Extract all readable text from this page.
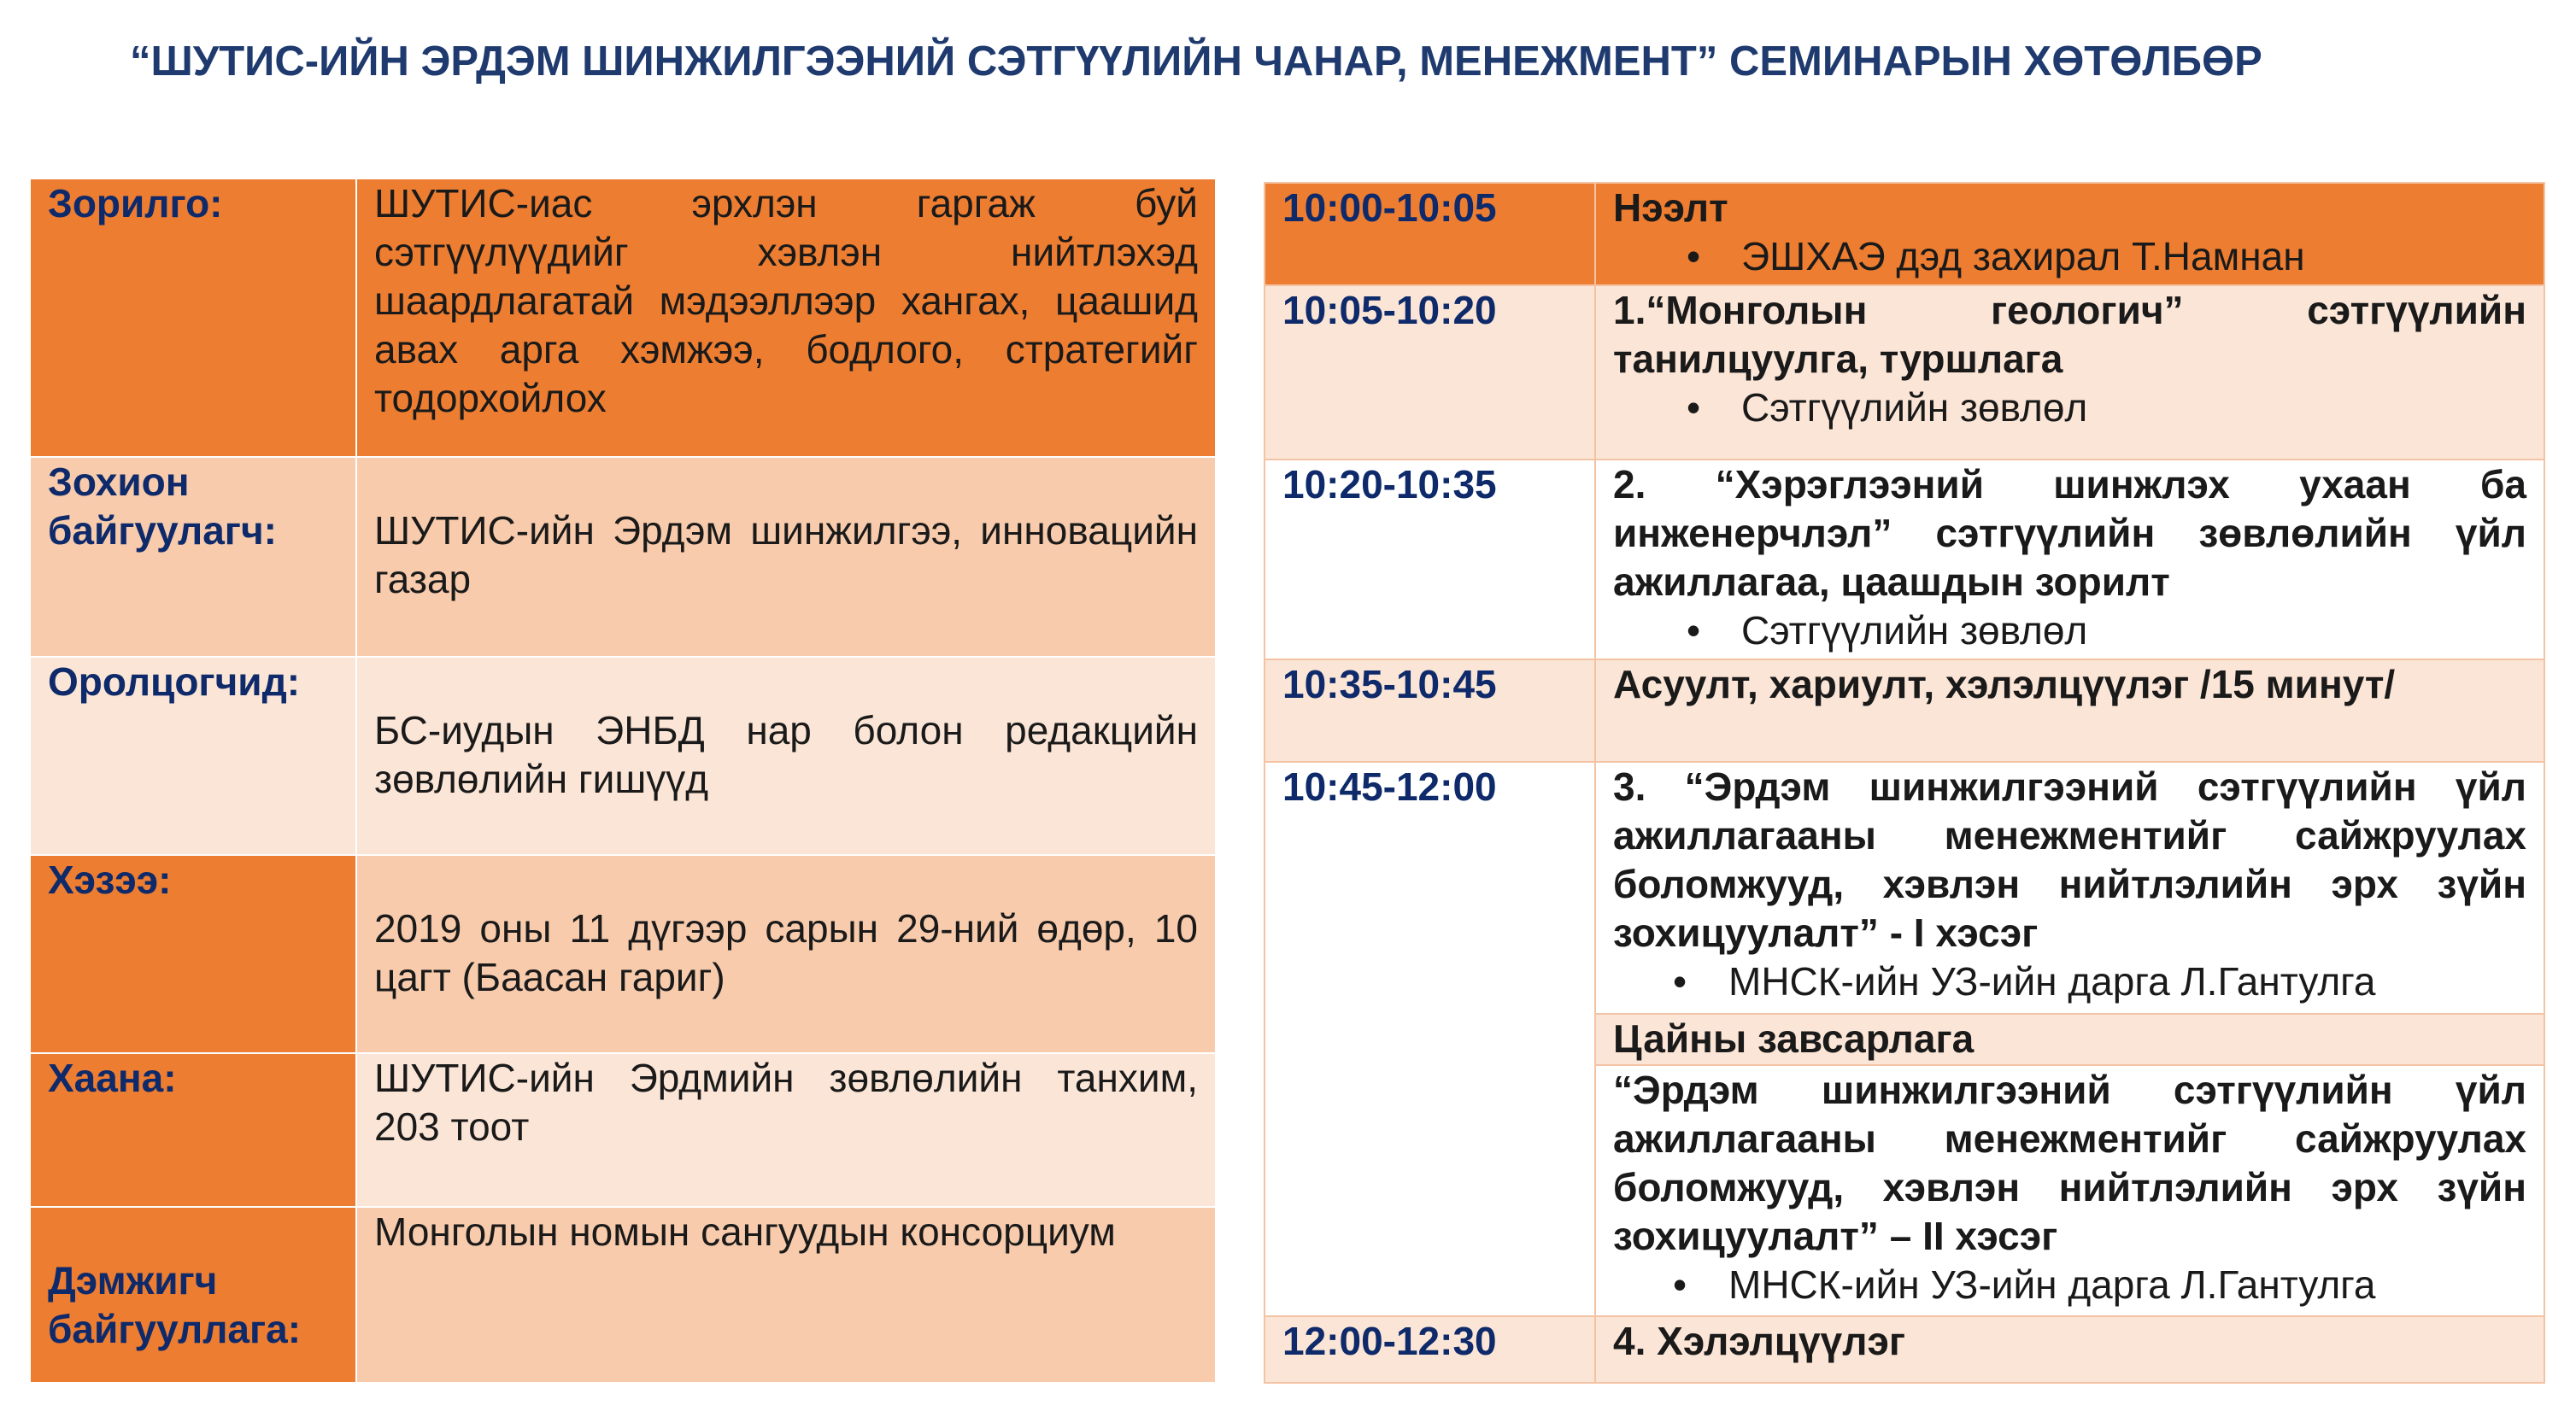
“ШУТИС-ИЙН ЭРДЭМ ШИНЖИЛГЭЭНИЙ СЭТГҮҮЛИЙН ЧАНАР, МЕНЕЖМЕНТ” СЕМИНАРЫН ХӨТӨЛБӨР
Зорилго:	ШУТИС-иас эрхлэн гаргаж буй сэтгүүлүүдийг хэвлэн нийтлэхэд шаардлагатай мэдээллээр хангах, цаашид авах арга хэмжээ, бодлого, стратегийг тодорхойлох
Зохион байгуулагч:	ШУТИС-ийн Эрдэм шинжилгээ, инновацийн газар

Оролцогчид:	БС-иудын ЭНБД нар болон редакцийн зөвлөлийн гишүүд

Хэзээ:	2019 оны 11 дүгээр сарын 29-ний өдөр, 10 цагт (Баасан гариг)

Хаана:	ШУТИС-ийн Эрдмийн зөвлөлийн танхим, 203 тоот

Дэмжигч байгууллага:	Монголын номын сангуудын консорциум
10:00-10:05	Нээлт
• ЭШХАЭ дэд захирал Т.Намнан

10:05-10:20	1.“Монголын геологич” сэтгүүлийн танилцуулга, туршлага
• Сэтгүүлийн зөвлөл

10:20-10:35	2. “Хэрэглээний шинжлэх ухаан ба инженерчлэл” сэтгүүлийн зөвлөлийн үйл ажиллагаа, цаашдын зорилт
• Сэтгүүлийн зөвлөл

10:35-10:45	Асуулт, хариулт, хэлэлцүүлэг /15 минут/

10:45-12:00	3. “Эрдэм шинжилгээний сэтгүүлийн үйл ажиллагааны менежментийг сайжруулах боломжууд, хэвлэн нийтлэлийн эрх зүйн зохицуулалт” - I хэсэг
• МНСК-ийн УЗ-ийн дарга Л.Гантулга

	Цайны завсарлага

	“Эрдэм шинжилгээний сэтгүүлийн үйл ажиллагааны менежментийг сайжруулах боломжууд, хэвлэн нийтлэлийн эрх зүйн зохицуулалт” – II хэсэг
• МНСК-ийн УЗ-ийн дарга Л.Гантулга

12:00-12:30	4. Хэлэлцүүлэг
